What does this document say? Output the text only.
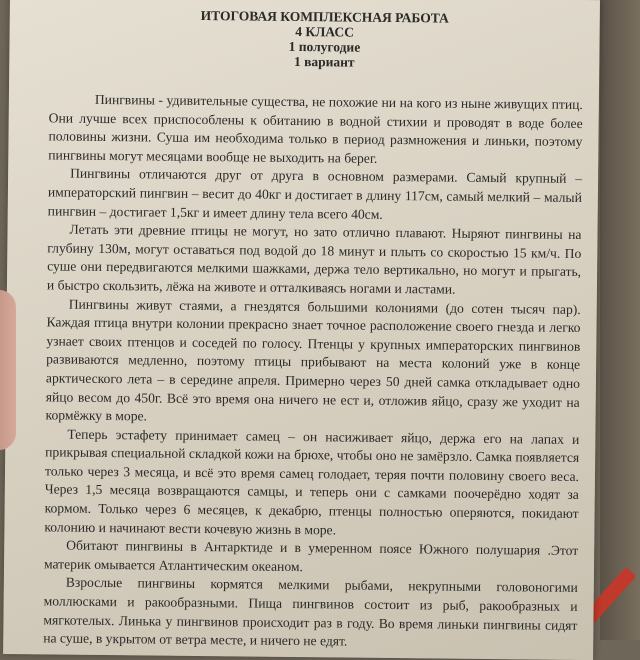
ИТОГОВАЯ КОМПЛЕКСНАЯ РАБОТА
4 КЛАСС
1 полугодие
1 вариант

Пингвины - удивительные существа, не похожие ни на кого из ныне живущих птиц. Они лучше всех приспособлены к обитанию в водной стихии и проводят в воде более половины жизни. Суша им необходима только в период размножения и линьки, поэтому пингвины могут месяцами вообще не выходить на берег.

Пингвины отличаются друг от друга в основном размерами. Самый крупный – императорский пингвин – весит до 40кг и достигает в длину 117см, самый мелкий – малый пингвин – достигает 1,5кг и имеет длину тела всего 40см.

Летать эти древние птицы не могут, но зато отлично плавают. Ныряют пингвины на глубину 130м, могут оставаться под водой до 18 минут и плыть со скоростью 15 км/ч. По суше они передвигаются мелкими шажками, держа тело вертикально, но могут и прыгать, и быстро скользить, лёжа на животе и отталкиваясь ногами и ластами.

Пингвины живут стаями, а гнездятся большими колониями (до сотен тысяч пар). Каждая птица внутри колонии прекрасно знает точное расположение своего гнезда и легко узнает своих птенцов и соседей по голосу. Птенцы у крупных императорских пингвинов развиваются медленно, поэтому птицы прибывают на места колоний уже в конце арктического лета – в середине апреля. Примерно через 50 дней самка откладывает одно яйцо весом до 450г. Всё это время она ничего не ест и, отложив яйцо, сразу же уходит на кормёжку в море.

Теперь эстафету принимает самец – он насиживает яйцо, держа его на лапах и прикрывая специальной складкой кожи на брюхе, чтобы оно не замёрзло. Самка появляется только через 3 месяца, и всё это время самец голодает, теряя почти половину своего веса. Через 1,5 месяца возвращаются самцы, и теперь они с самками поочерёдно ходят за кормом. Только через 6 месяцев, к декабрю, птенцы полностью оперяются, покидают колонию и начинают вести кочевую жизнь в море.

Обитают пингвины в Антарктиде и в умеренном поясе Южного полушария .Этот материк омывается Атлантическим океаном.

Взрослые пингвины кормятся мелкими рыбами, некрупными головоногими моллюсками и ракообразными. Пища пингвинов состоит из рыб, ракообразных и мягкотелых. Линька у пингвинов происходит раз в году. Во время линьки пингвины сидят на суше, в укрытом от ветра месте, и ничего не едят.
